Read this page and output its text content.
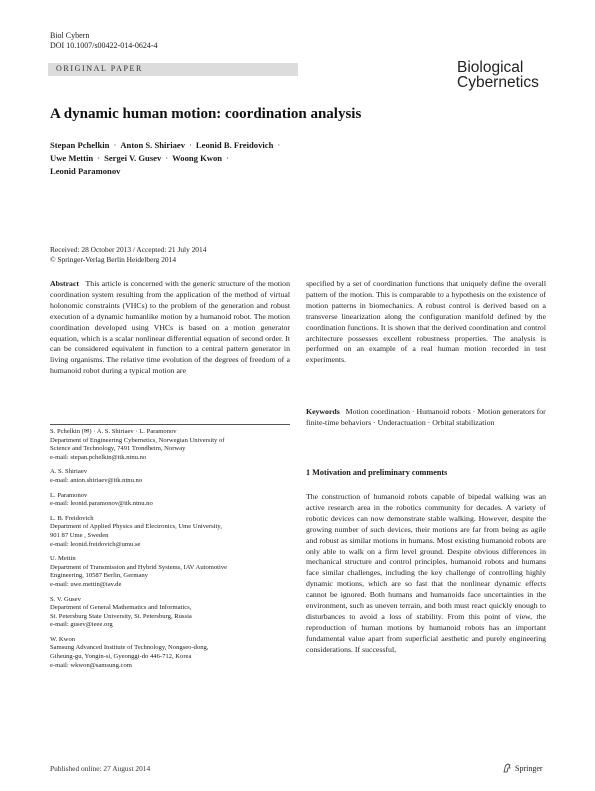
Biol Cybern
DOI 10.1007/s00422-014-0624-4
ORIGINAL PAPER	Biological
Cybernetics
A dynamic human motion: coordination analysis
Stepan Pchelkin · Anton S. Shiriaev · Leonid B. Freidovich ·
Uwe Mettin · Sergei V. Gusev · Woong Kwon ·
Leonid Paramonov
Received: 28 October 2013 / Accepted: 21 July 2014
© Springer-Verlag Berlin Heidelberg 2014
Abstract This article is concerned with the generic structure of the motion coordination system resulting from the application of the method of virtual holonomic constraints (VHCs) to the problem of the generation and robust execution of a dynamic humanlike motion by a humanoid robot. The motion coordination developed using VHCs is based on a motion generator equation, which is a scalar nonlinear differential equation of second order. It can be considered equivalent in function to a central pattern generator in living organisms. The relative time evolution of the degrees of freedom of a humanoid robot during a typical motion are
specified by a set of coordination functions that uniquely define the overall pattern of the motion. This is comparable to a hypothesis on the existence of motion patterns in biomechanics. A robust control is derived based on a transverse linearization along the configuration manifold defined by the coordination functions. It is shown that the derived coordination and control architecture possesses excellent robustness properties. The analysis is performed on an example of a real human motion recorded in test experiments.
Keywords Motion coordination · Humanoid robots · Motion generators for finite-time behaviors · Underactuation · Orbital stabilization
S. Pchelkin (✉) · A. S. Shiriaev · L. Paramonov
Department of Engineering Cybernetics, Norwegian University of
Science and Technology, 7491 Trondheim, Norway
e-mail: stepan.pchelkin@itk.ntnu.no
A. S. Shiriaev
e-mail: anton.shiriaev@itk.ntnu.no
L. Paramonov
e-mail: leonid.paramonov@itk.ntnu.no
L. B. Freidovich
Department of Applied Physics and Electronics, Ume University,
901 87 Ume , Sweden
e-mail: leonid.freidovich@umu.se
U. Mettin
Department of Transmission and Hybrid Systems, IAV Automotive
Engineering, 10587 Berlin, Germany
e-mail: uwe.mettin@iav.de
S. V. Gusev
Department of General Mathematics and Informatics,
St. Petersburg State University, St. Petersburg, Russia
e-mail: gusev@ieee.org
W. Kwon
Samsung Advanced Institute of Technology, Nongseo-dong,
Giheung-gu, Yongin-si, Gyeonggi-do 446-712, Korea
e-mail: wkwon@samsung.com
1 Motivation and preliminary comments
The construction of humanoid robots capable of bipedal walking was an active research area in the robotics community for decades. A variety of robotic devices can now demonstrate stable walking. However, despite the growing number of such devices, their motions are far from being as agile and robust as similar motions in humans. Most existing humanoid robots are only able to walk on a firm level ground. Despite obvious differences in mechanical structure and control principles, humanoid robots and humans face similar challenges, including the key challenge of controlling highly dynamic motions, which are so fast that the nonlinear dynamic effects cannot be ignored. Both humans and humanoids face uncertainties in the environment, such as uneven terrain, and both must react quickly enough to disturbances to avoid a loss of stability. From this point of view, the reproduction of human motions by humanoid robots has an important fundamental value apart from superficial aesthetic and purely engineering considerations. If successful,
Published online: 27 August 2014	Springer
